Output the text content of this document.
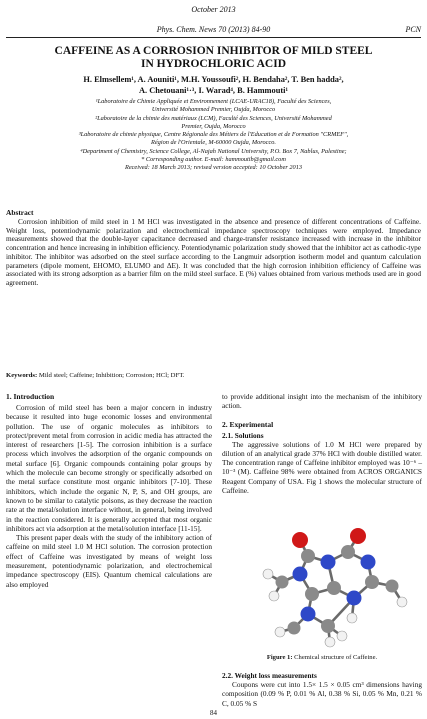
October 2013
Phys. Chem. News 70 (2013) 84-90	PCN
CAFFEINE AS A CORROSION INHIBITOR OF MILD STEEL
IN HYDROCHLORIC ACID
H. Elmsellem¹, A. Aouniti¹, M.H. Youssoufi², H. Bendaha², T. Ben hadda²,
A. Chetouani¹·³, I. Warad⁴, B. Hammouti¹
¹Laboratoire de Chimie Appliquée et Environnement (LCAE-URAC18), Faculté des Sciences,
Université Mohammed Premier, Oujda, Morocco
²Laboratoire de la chimie des matériaux (LCM), Faculté des Sciences, Université Mohammed
Premier, Oujda, Morocco
³Laboratoire de chimie physique, Centre Régionale des Métiers de l'Education et de Formation "CRMEF",
Région de l'Orientale, M-60000 Oujda, Morocco.
⁴Department of Chemistry, Science College, Al-Najah National University, P.O. Box 7, Nablus, Palestine;
* Corresponding author. E-mail: hammoutib@gmail.com
Received: 18 March 2013; revised version accepted: 10 October 2013
Abstract
Corrosion inhibition of mild steel in 1 M HCl was investigated in the absence and presence of different concentrations of Caffeine. Weight loss, potentiodynamic polarization and electrochemical impedance spectroscopy techniques were employed. Impedance measurements showed that the double-layer capacitance decreased and charge-transfer resistance increased with increase in the inhibitor concentration and hence increasing in inhibition efficiency. Potentiodynamic polarization study showed that the inhibitor act as cathodic-type inhibitor. The inhibitor was adsorbed on the steel surface according to the Langmuir adsorption isotherm model and quantum calculation parameters (dipole moment, EHOMO, ELUMO and ΔE). It was concluded that the high corrosion inhibition efficiency of Caffeine was associated with its strong adsorption as a barrier film on the mild steel surface. E (%) values obtained from various methods used are in good agreement.
Keywords: Mild steel; Caffeine; Inhibition; Corrosion; HCl; DFT.
1. Introduction

Corrosion of mild steel has been a major concern in industry because it resulted into huge economic losses and environmental pollution. The use of organic molecules as inhibitors to protect/prevent metal from corrosion in acidic media has attracted the interest of researchers [1-5]. The corrosion inhibition is a surface process which involves the adsorption of the organic compounds on metal surface [6]. Organic compounds containing polar groups by which the molecule can become strongly or specifically adsorbed on the metal surface constitute most organic inhibitors [7-10]. These inhibitors, which include the organic N, P, S, and OH groups, are known to be similar to catalytic poisons, as they decrease the reaction rate at the metal/solution interface without, in general, being involved in the reaction considered. It is generally accepted that most organic inhibitors act via adsorption at the metal/solution interface [11-15].

This present paper deals with the study of the inhibitory action of caffeine on mild steel 1.0 M HCl solution. The corrosion protection effect of Caffeine was investigated by means of weight loss measurement, potentiodynamic polarization, and electrochemical impedance spectroscopy (EIS). Quantum chemical calculations are also employed

to provide additional insight into the mechanism of the inhibitory action.

2. Experimental
2.1. Solutions

The aggressive solutions of 1.0 M HCl were prepared by dilution of an analytical grade 37% HCl with double distilled water. The concentration range of Caffeine inhibitor employed was 10⁻⁶ – 10⁻³ (M). Caffeine 98% were obtained from ACROS ORGANICS Reagent Company of USA. Fig 1 shows the molecular structure of Caffeine.

Figure 1: Chemical structure of Caffeine.
2.2. Weight loss measurements

Coupons were cut into 1.5× 1.5 × 0.05 cm³ dimensions having composition (0.09 % P, 0.01 % Al, 0.38 % Si, 0.05 % Mn, 0.21 % C, 0.05 % S

84
